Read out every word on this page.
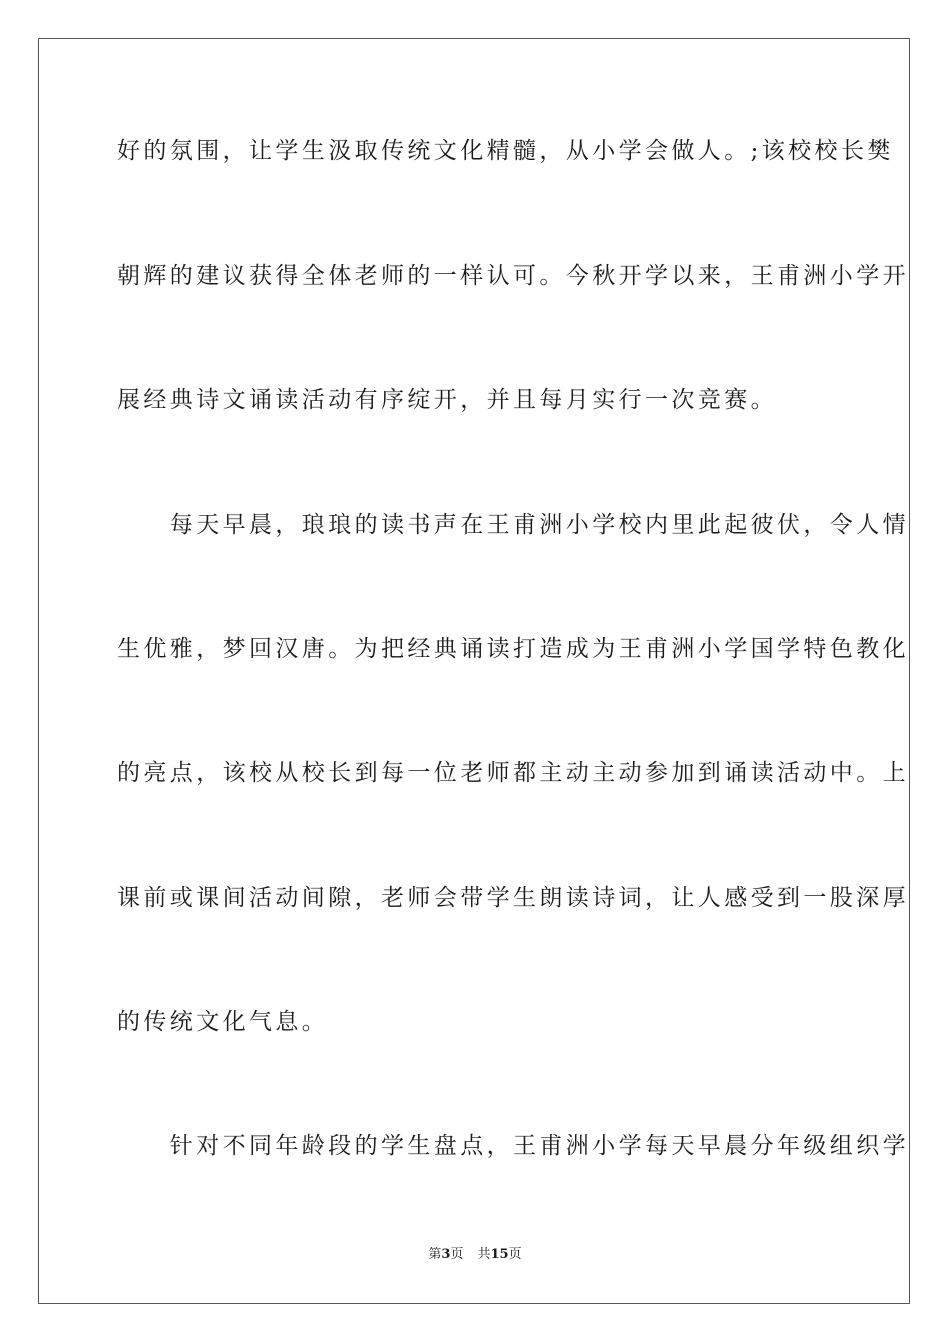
好的氛围，让学生汲取传统文化精髓，从小学会做人。;该校校长樊
朝辉的建议获得全体老师的一样认可。今秋开学以来，王甫洲小学开
展经典诗文诵读活动有序绽开，并且每月实行一次竞赛。
　　每天早晨，琅琅的读书声在王甫洲小学校内里此起彼伏，令人情
生优雅，梦回汉唐。为把经典诵读打造成为王甫洲小学国学特色教化
的亮点，该校从校长到每一位老师都主动主动参加到诵读活动中。上
课前或课间活动间隙，老师会带学生朗读诗词，让人感受到一股深厚
的传统文化气息。
　　针对不同年龄段的学生盘点，王甫洲小学每天早晨分年级组织学
第3页 共15页
